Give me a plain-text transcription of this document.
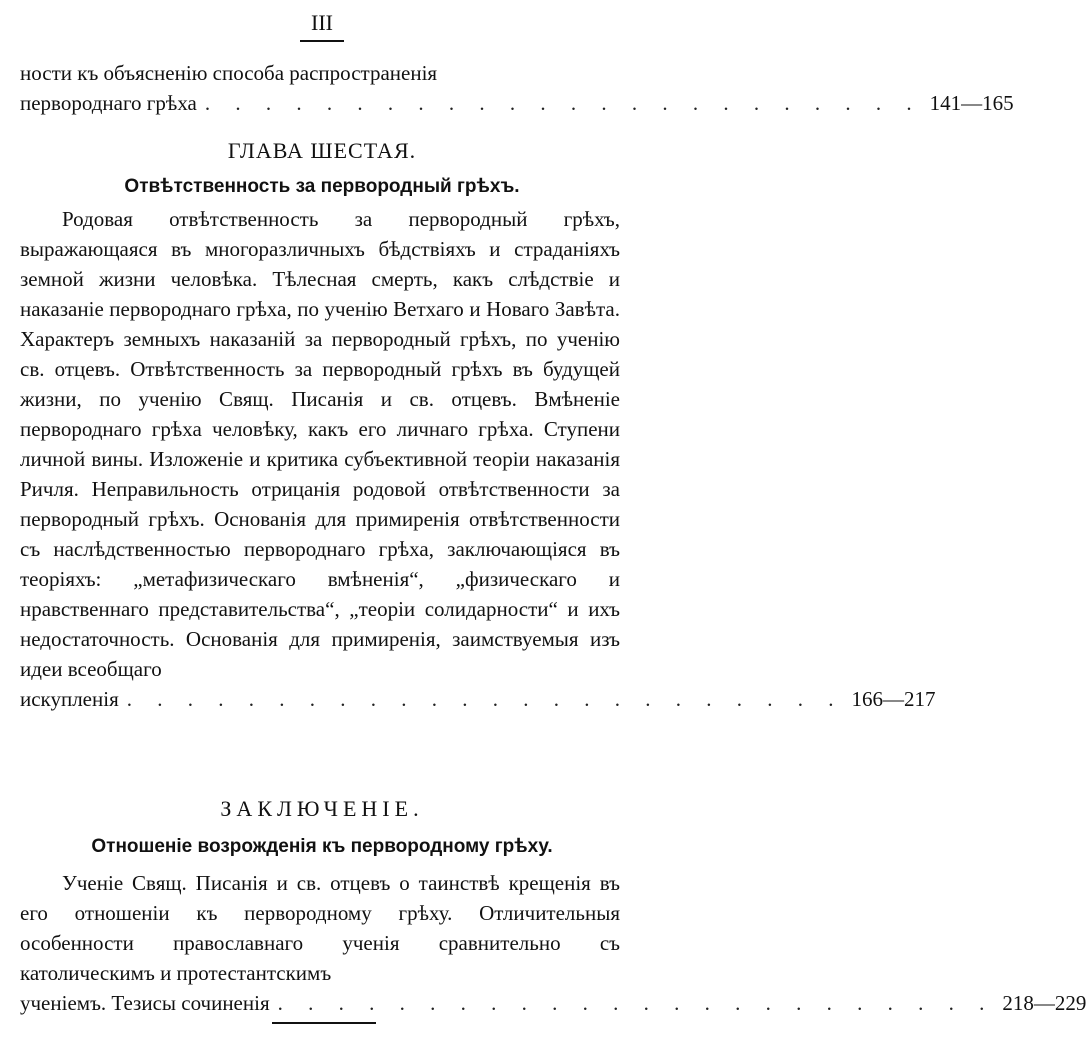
III
ности къ объясненію способа распространенія
первороднаго грѣха . . . . . . . . . . . . . . . . . . . . . . . . 141—165
ГЛАВА ШЕСТАЯ.
Отвѣтственность за первородный грѣхъ.
Родовая отвѣтственность за первородный грѣхъ, выражающаяся въ многоразличныхъ бѣдствіяхъ и страданіяхъ земной жизни человѣка. Тѣлесная смерть, какъ слѣдствіе и наказаніе первороднаго грѣха, по ученію Ветхаго и Новаго Завѣта. Характеръ земныхъ наказаній за первородный грѣхъ, по ученію св. отцевъ. Отвѣтственность за первородный грѣхъ въ будущей жизни, по ученію Свящ. Писанія и св. отцевъ. Вмѣненіе первороднаго грѣха человѣку, какъ его личнаго грѣха. Ступени личной вины. Изложеніе и критика субъективной теоріи наказанія Ричля. Неправильность отрицанія родовой отвѣтственности за первородный грѣхъ. Основанія для примиренія отвѣтственности съ наслѣдственностью первороднаго грѣха, заключающіяся въ теоріяхъ: „метафизическаго вмѣненія“, „физическаго и нравственнаго представительства“, „теоріи солидарности“ и ихъ недостаточность. Основанія для примиренія, заимствуемыя изъ идеи всеобщаго
искупленія . . . . . . . . . . . . . . . . . . . . . . . . 166—217
ЗАКЛЮЧЕНІЕ.
Отношеніе возрожденія къ первородному грѣху.
Ученіе Свящ. Писанія и св. отцевъ о таинствѣ крещенія въ его отношеніи къ первородному грѣху. Отличительныя особенности православнаго ученія сравнительно съ католическимъ и протестантскимъ
ученіемъ. Тезисы сочиненія . . . . . . . . . . . . . . . . . . . . . . . . 218—229
